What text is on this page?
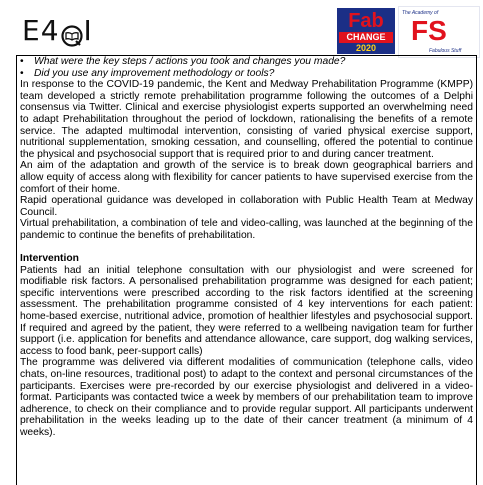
E4 I	Fab
CHANGE
2020
The Academy of
FS
Fabulous Stuff
•	What were the key steps / actions you took and changes you made?
•	Did you use any improvement methodology or tools?
In response to the COVID-19 pandemic, the Kent and Medway Prehabilitation Programme (KMPP) team developed a strictly remote prehabilitation programme following the outcomes of a Delphi consensus via Twitter. Clinical and exercise physiologist experts supported an overwhelming need to adapt Prehabilitation throughout the period of lockdown, rationalising the benefits of a remote service. The adapted multimodal intervention, consisting of varied physical exercise support, nutritional supplementation, smoking cessation, and counselling, offered the potential to continue the physical and psychosocial support that is required prior to and during cancer treatment.
An aim of the adaptation and growth of the service is to break down geographical barriers and allow equity of access along with flexibility for cancer patients to have supervised exercise from the comfort of their home.
Rapid operational guidance was developed in collaboration with Public Health Team at Medway Council.
Virtual prehabilitation, a combination of tele and video-calling, was launched at the beginning of the pandemic to continue the benefits of prehabilitation.
Intervention
Patients had an initial telephone consultation with our physiologist and were screened for modifiable risk factors. A personalised prehabilitation programme was designed for each patient; specific interventions were prescribed according to the risk factors identified at the screening assessment. The prehabilitation programme consisted of 4 key interventions for each patient: home-based exercise, nutritional advice, promotion of healthier lifestyles and psychosocial support. If required and agreed by the patient, they were referred to a wellbeing navigation team for further support (i.e. application for benefits and attendance allowance, care support, dog walking services, access to food bank, peer-support calls)
The programme was delivered via different modalities of communication (telephone calls, video chats, on-line resources, traditional post) to adapt to the context and personal circumstances of the participants. Exercises were pre-recorded by our exercise physiologist and delivered in a video-format. Participants was contacted twice a week by members of our prehabilitation team to improve adherence, to check on their compliance and to provide regular support. All participants underwent prehabilitation in the weeks leading up to the date of their cancer treatment (a minimum of 4 weeks).
